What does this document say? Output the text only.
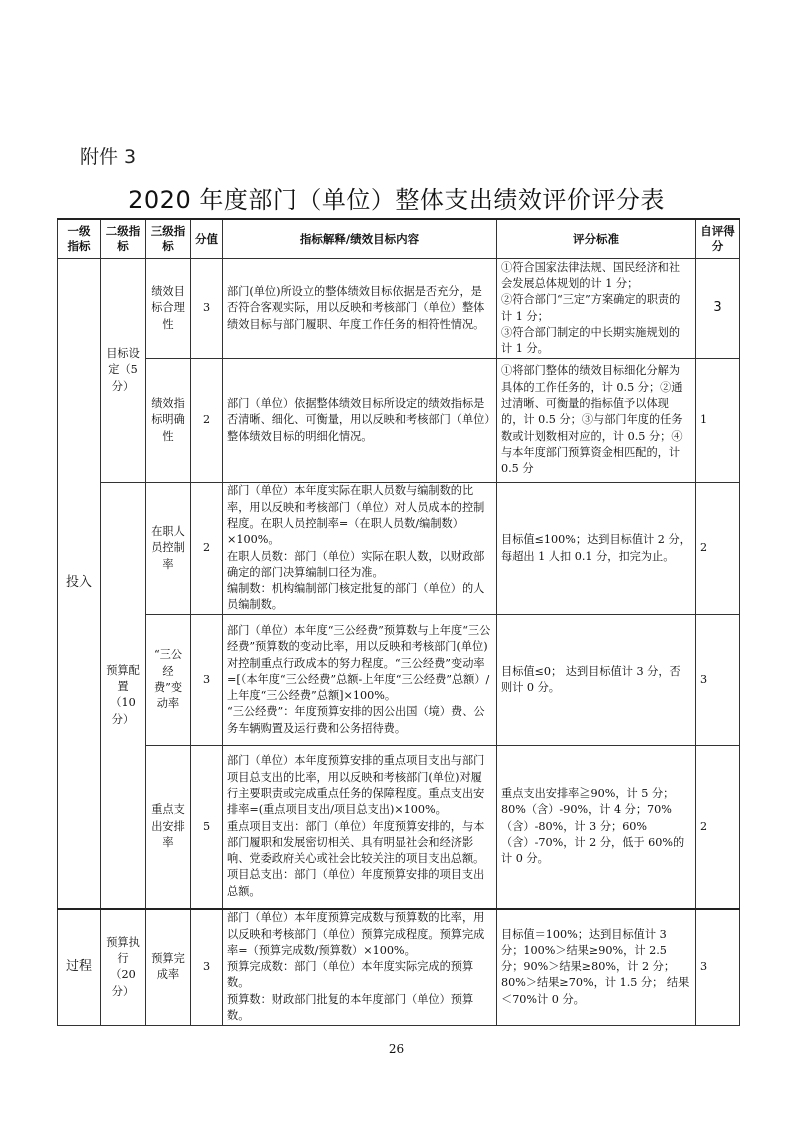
附件 3
2020 年度部门（单位）整体支出绩效评价评分表
一级指标	二级指标	三级指标	分值	指标解释/绩效目标内容	评分标准	自评得分
投入	目标设定（5分）	绩效目标合理性	3	部门(单位)所设立的整体绩效目标依据是否充分，是否符合客观实际，用以反映和考核部门（单位）整体绩效目标与部门履职、年度工作任务的相符性情况。	①符合国家法律法规、国民经济和社会发展总体规划的计 1 分；
②符合部门“三定”方案确定的职责的计 1 分；
③符合部门制定的中长期实施规划的计 1 分。	3
		绩效指标明确性	2	部门（单位）依据整体绩效目标所设定的绩效指标是否清晰、细化、可衡量，用以反映和考核部门（单位）整体绩效目标的明细化情况。	①将部门整体的绩效目标细化分解为具体的工作任务的，计 0.5 分；②通过清晰、可衡量的指标值予以体现的，计 0.5 分；③与部门年度的任务数或计划数相对应的，计 0.5 分；④与本年度部门预算资金相匹配的，计 0.5 分	1
	预算配置（10分）	在职人员控制率	2	部门（单位）本年度实际在职人员数与编制数的比率，用以反映和考核部门（单位）对人员成本的控制程度。在职人员控制率=（在职人员数/编制数）×100%。
在职人员数：部门（单位）实际在职人数，以财政部确定的部门决算编制口径为准。
编制数：机构编制部门核定批复的部门（单位）的人员编制数。	目标值≤100%；达到目标值计 2 分，每超出 1 人扣 0.1 分，扣完为止。	2
		“三公经费”变动率	3	部门（单位）本年度“三公经费”预算数与上年度“三公经费”预算数的变动比率，用以反映和考核部门(单位)对控制重点行政成本的努力程度。“三公经费”变动率=[（本年度“三公经费”总额-上年度“三公经费”总额）/上年度“三公经费”总额]×100%。
“三公经费”：年度预算安排的因公出国（境）费、公务车辆购置及运行费和公务招待费。	目标值≤0； 达到目标值计 3 分，否则计 0 分。	3
		重点支出安排率	5	部门（单位）本年度预算安排的重点项目支出与部门项目总支出的比率，用以反映和考核部门(单位)对履行主要职责或完成重点任务的保障程度。重点支出安排率=(重点项目支出/项目总支出)×100%。
重点项目支出：部门（单位）年度预算安排的，与本部门履职和发展密切相关、具有明显社会和经济影响、党委政府关心或社会比较关注的项目支出总额。
项目总支出：部门（单位）年度预算安排的项目支出总额。	重点支出安排率≧90%，计 5 分；80%（含）-90%，计 4 分；70%（含）-80%，计 3 分；60%（含）-70%，计 2 分，低于 60%的计 0 分。	2
过程	预算执行（20分）	预算完成率	3	部门（单位）本年度预算完成数与预算数的比率，用以反映和考核部门（单位）预算完成程度。预算完成率=（预算完成数/预算数）×100%。
预算完成数：部门（单位）本年度实际完成的预算数。
预算数：财政部门批复的本年度部门（单位）预算数。	目标值＝100%；达到目标值计 3 分；100%＞结果≥90%，计 2.5 分；90%＞结果≥80%，计 2 分；80%＞结果≥70%，计 1.5 分； 结果＜70%计 0 分。	3
26
